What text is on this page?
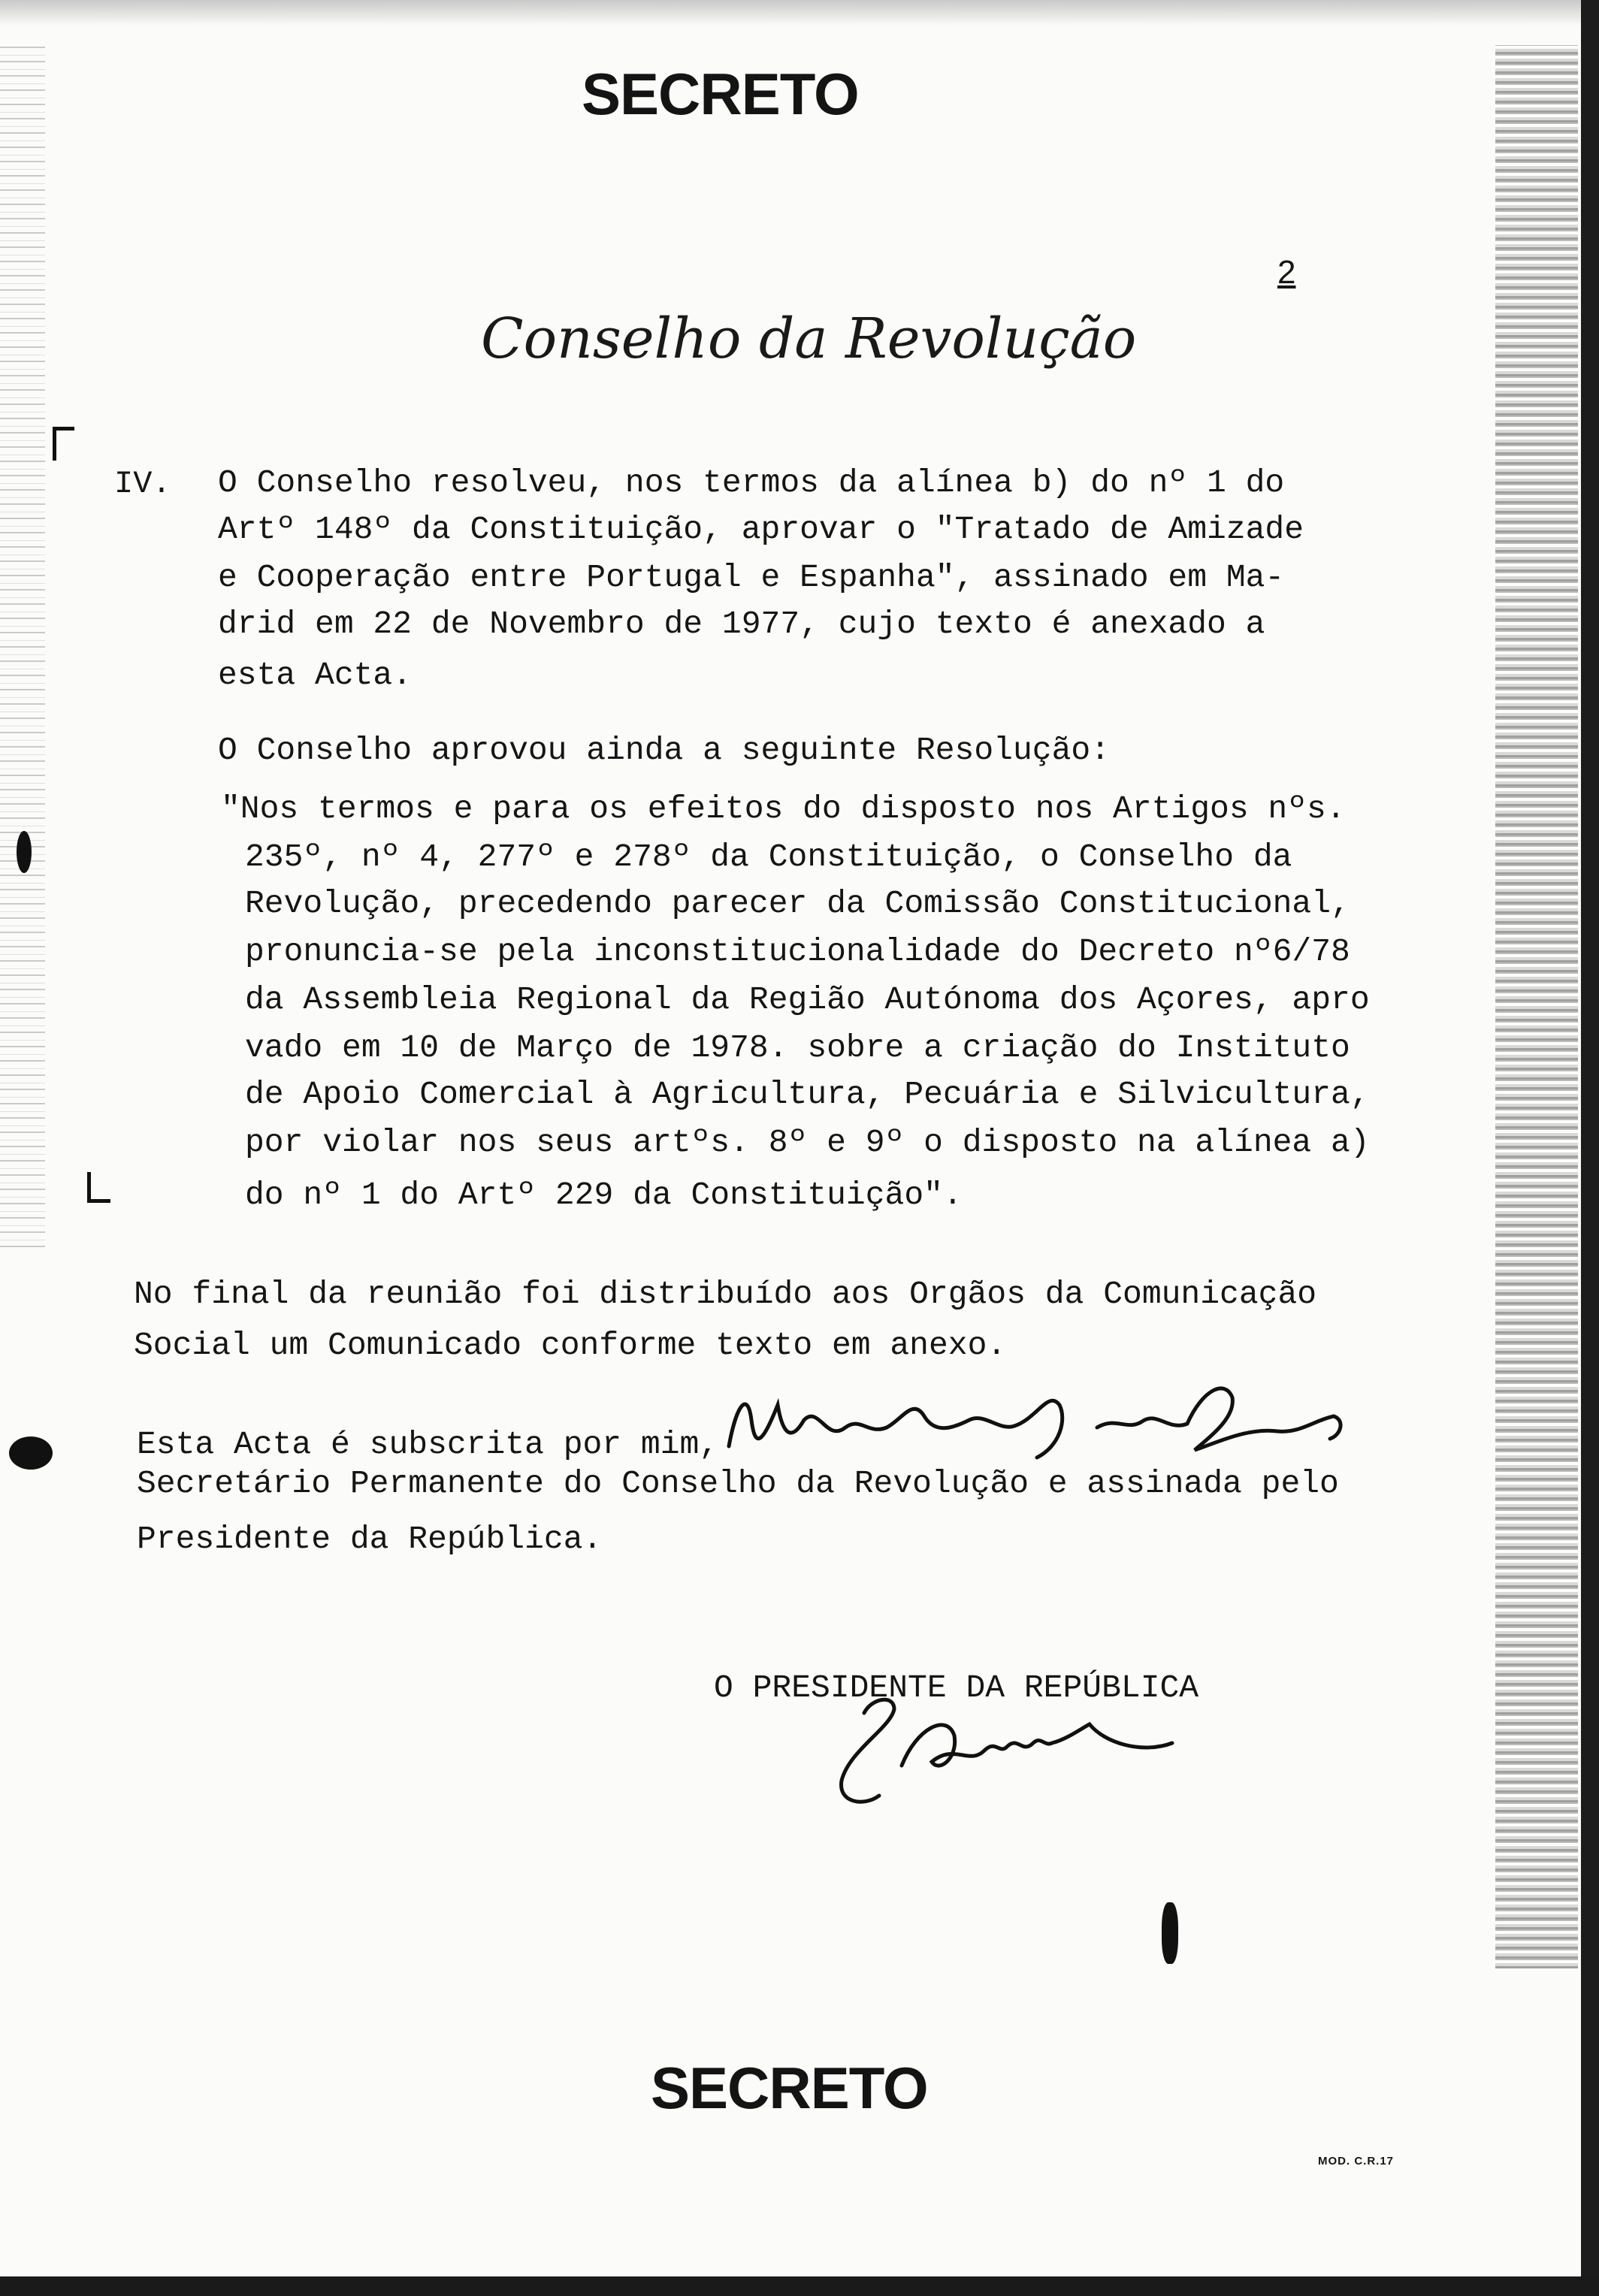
SECRETO
Conselho da Revolução
2
IV. O Conselho resolveu, nos termos da alínea b) do nº 1 do
Artº 148º da Constituição, aprovar o "Tratado de Amizade
e Cooperação entre Portugal e Espanha", assinado em Ma-
drid em 22 de Novembro de 1977, cujo texto é anexado a
esta Acta.
O Conselho aprovou ainda a seguinte Resolução:
"Nos termos e para os efeitos do disposto nos Artigos nºs.
235º, nº 4, 277º e 278º da Constituição, o Conselho da
Revolução, precedendo parecer da Comissão Constitucional,
pronuncia-se pela inconstitucionalidade do Decreto nº6/78
da Assembleia Regional da Região Autónoma dos Açores, apro
vado em 10 de Março de 1978. sobre a criação do Instituto
de Apoio Comercial à Agricultura, Pecuária e Silvicultura,
por violar nos seus artºs. 8º e 9º o disposto na alínea a)
do nº 1 do Artº 229 da Constituição".
No final da reunião foi distribuído aos Orgãos da Comunicação
Social um Comunicado conforme texto em anexo.
Esta Acta é subscrita por mim,
Secretário Permanente do Conselho da Revolução e assinada pelo
Presidente da República.
O PRESIDENTE DA REPÚBLICA
SECRETO
MOD. C.R.17
